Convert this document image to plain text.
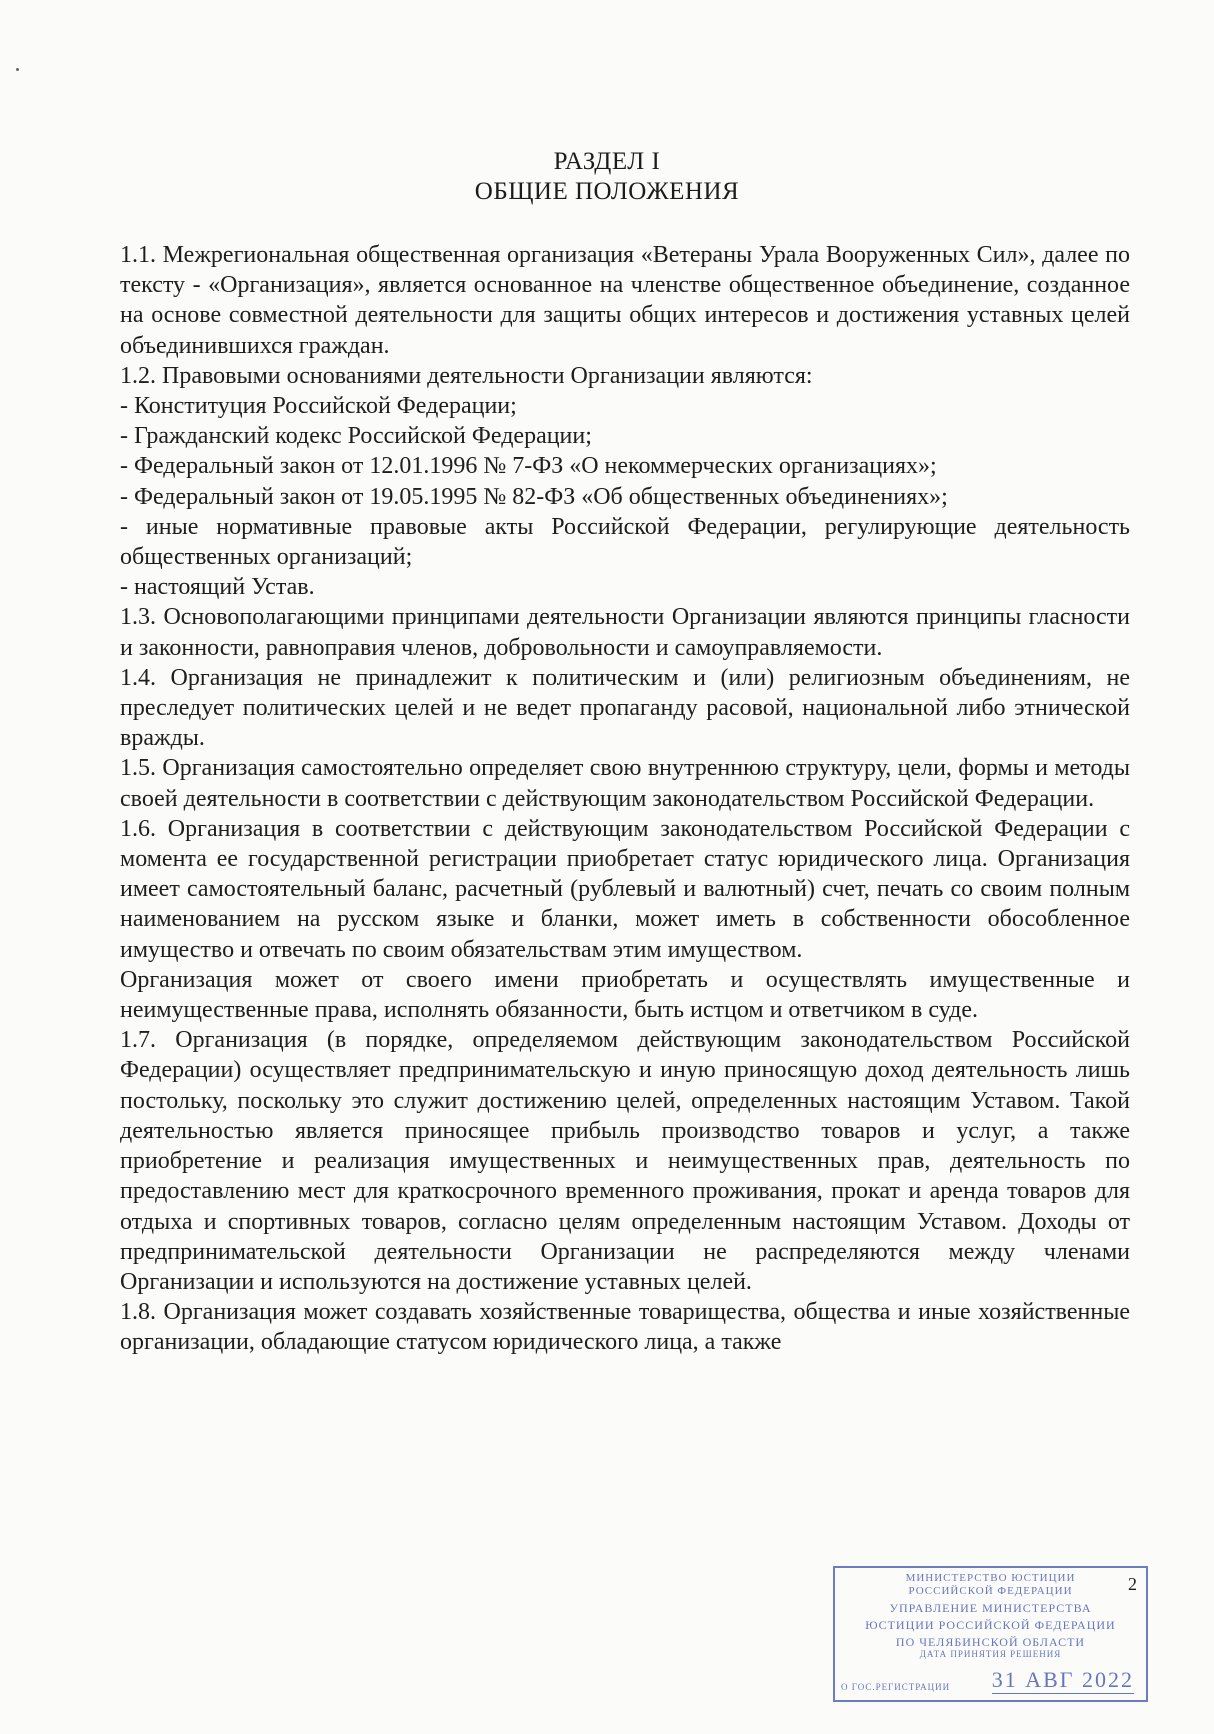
РАЗДЕЛ I
ОБЩИЕ ПОЛОЖЕНИЯ

1.1. Межрегиональная общественная организация «Ветераны Урала Вооруженных Сил», далее по тексту - «Организация», является основанное на членстве общественное объединение, созданное на основе совместной деятельности для защиты общих интересов и достижения уставных целей объединившихся граждан.

1.2. Правовыми основаниями деятельности Организации являются:

- Конституция Российской Федерации;

- Гражданский кодекс Российской Федерации;

- Федеральный закон от 12.01.1996 № 7-ФЗ «О некоммерческих организациях»;

- Федеральный закон от 19.05.1995 № 82-ФЗ «Об общественных объединениях»;

- иные нормативные правовые акты Российской Федерации, регулирующие деятельность общественных организаций;

- настоящий Устав.

1.3. Основополагающими принципами деятельности Организации являются принципы гласности и законности, равноправия членов, добровольности и самоуправляемости.

1.4. Организация не принадлежит к политическим и (или) религиозным объединениям, не преследует политических целей и не ведет пропаганду расовой, национальной либо этнической вражды.

1.5. Организация самостоятельно определяет свою внутреннюю структуру, цели, формы и методы своей деятельности в соответствии с действующим законодательством Российской Федерации.

1.6. Организация в соответствии с действующим законодательством Российской Федерации с момента ее государственной регистрации приобретает статус юридического лица. Организация имеет самостоятельный баланс, расчетный (рублевый и валютный) счет, печать со своим полным наименованием на русском языке и бланки, может иметь в собственности обособленное имущество и отвечать по своим обязательствам этим имуществом.

Организация может от своего имени приобретать и осуществлять имущественные и неимущественные права, исполнять обязанности, быть истцом и ответчиком в суде.

1.7. Организация (в порядке, определяемом действующим законодательством Российской Федерации) осуществляет предпринимательскую и иную приносящую доход деятельность лишь постольку, поскольку это служит достижению целей, определенных настоящим Уставом. Такой деятельностью является приносящее прибыль производство товаров и услуг, а также приобретение и реализация имущественных и неимущественных прав, деятельность по предоставлению мест для краткосрочного временного проживания, прокат и аренда товаров для отдыха и спортивных товаров, согласно целям определенным настоящим Уставом. Доходы от предпринимательской деятельности Организации не распределяются между членами Организации и используются на достижение уставных целей.

1.8. Организация может создавать хозяйственные товарищества, общества и иные хозяйственные организации, обладающие статусом юридического лица, а также

МИНИСТЕРСТВО ЮСТИЦИИ
РОССИЙСКОЙ ФЕДЕРАЦИИ
УПРАВЛЕНИЕ МИНИСТЕРСТВА
ЮСТИЦИИ РОССИЙСКОЙ ФЕДЕРАЦИИ
ПО ЧЕЛЯБИНСКОЙ ОБЛАСТИ
ДАТА ПРИНЯТИЯ РЕШЕНИЯ
О ГОС.РЕГИСТРАЦИИ 31 АВГ 2022
2
